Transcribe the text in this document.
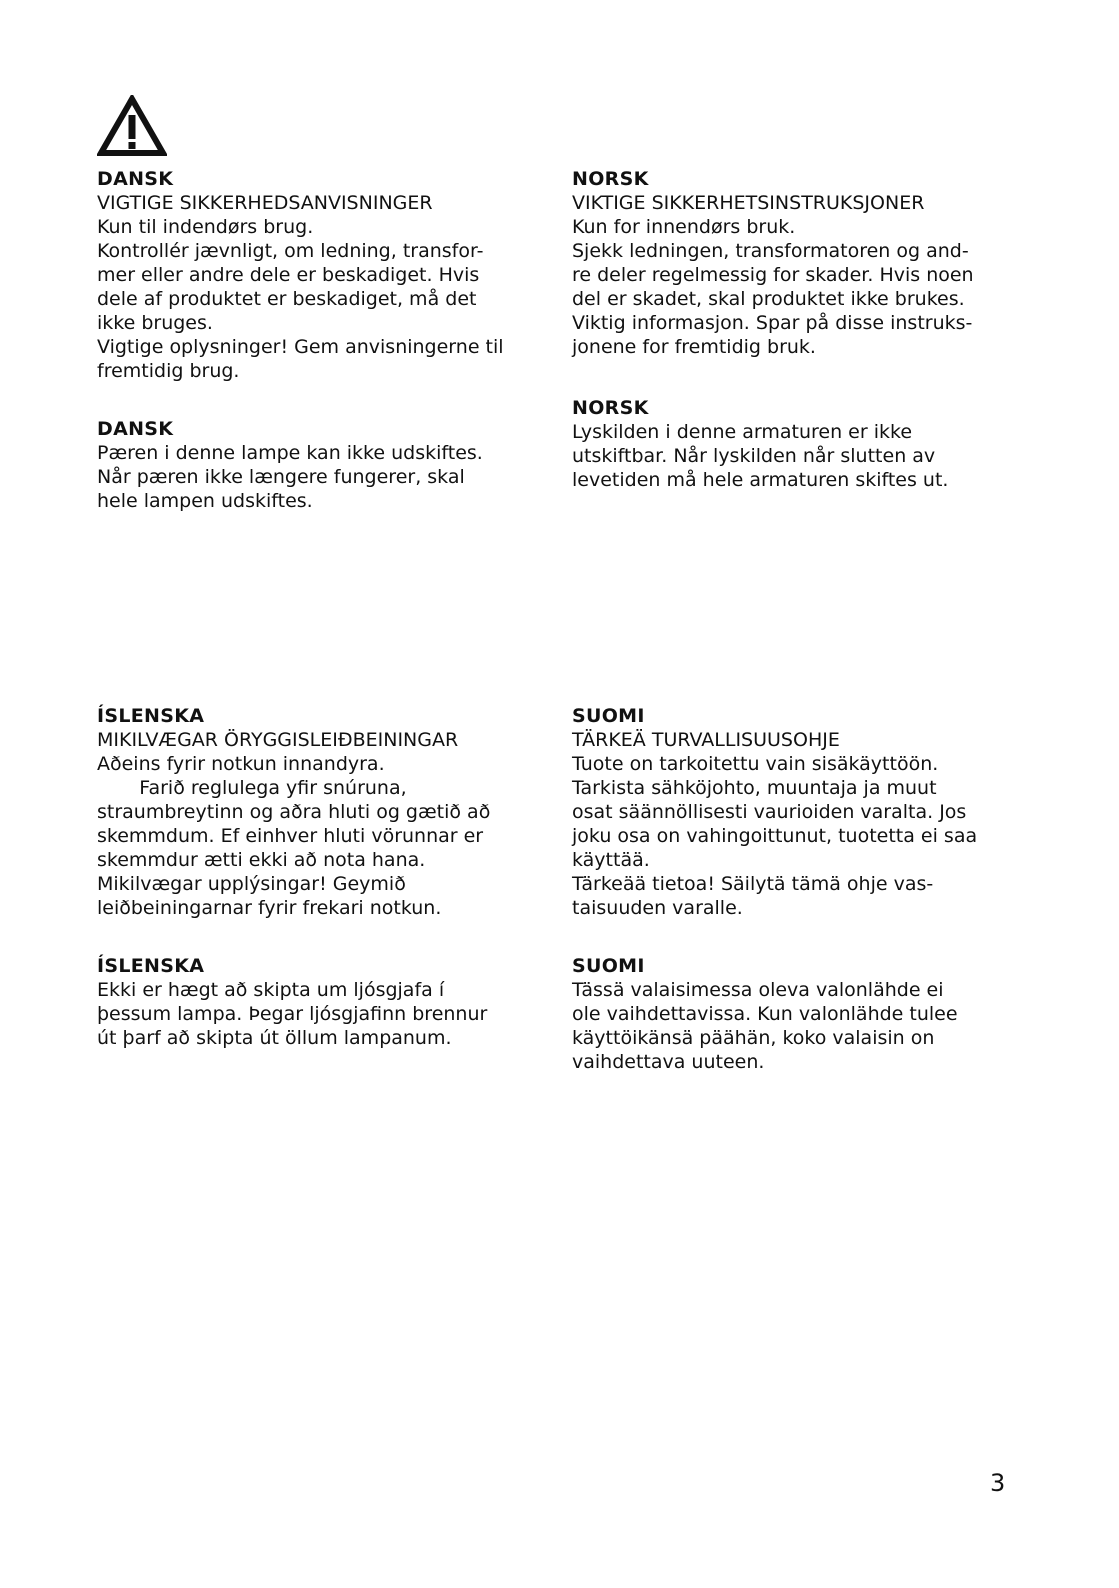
DANSK
VIGTIGE SIKKERHEDSANVISNINGER
Kun til indendørs brug.
Kontrollér jævnligt, om ledning, transfor-
mer eller andre dele er beskadiget. Hvis
dele af produktet er beskadiget, må det
ikke bruges.
Vigtige oplysninger! Gem anvisningerne til
fremtidig brug.
NORSK
VIKTIGE SIKKERHETSINSTRUKSJONER
Kun for innendørs bruk.
Sjekk ledningen, transformatoren og and-
re deler regelmessig for skader. Hvis noen
del er skadet, skal produktet ikke brukes.
Viktig informasjon. Spar på disse instruks-
jonene for fremtidig bruk.
DANSK
Pæren i denne lampe kan ikke udskiftes.
Når pæren ikke længere fungerer, skal
hele lampen udskiftes.
NORSK
Lyskilden i denne armaturen er ikke
utskiftbar. Når lyskilden når slutten av
levetiden må hele armaturen skiftes ut.
ÍSLENSKA
MIKILVÆGAR ÖRYGGISLEIÐBEININGAR
Aðeins fyrir notkun innandyra.
Farið reglulega yfir snúruna,
straumbreytinn og aðra hluti og gætið að
skemmdum. Ef einhver hluti vörunnar er
skemmdur ætti ekki að nota hana.
Mikilvægar upplýsingar! Geymið
leiðbeiningarnar fyrir frekari notkun.
SUOMI
TÄRKEÄ TURVALLISUUSOHJE
Tuote on tarkoitettu vain sisäkäyttöön.
Tarkista sähköjohto, muuntaja ja muut
osat säännöllisesti vaurioiden varalta. Jos
joku osa on vahingoittunut, tuotetta ei saa
käyttää.
Tärkeää tietoa! Säilytä tämä ohje vas-
taisuuden varalle.
ÍSLENSKA
Ekki er hægt að skipta um ljósgjafa í
þessum lampa. Þegar ljósgjafinn brennur
út þarf að skipta út öllum lampanum.
SUOMI
Tässä valaisimessa oleva valonlähde ei
ole vaihdettavissa. Kun valonlähde tulee
käyttöikänsä päähän, koko valaisin on
vaihdettava uuteen.
3
